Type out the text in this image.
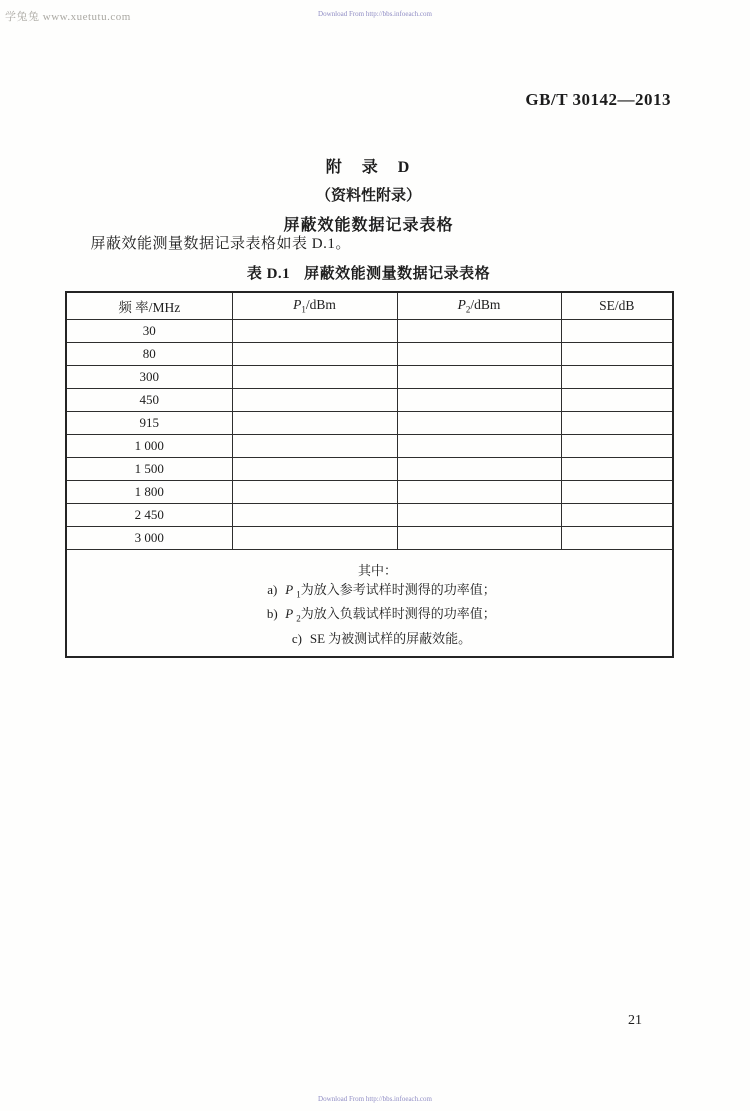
学兔兔 www.xuetutu.com	Download From http://bbs.infoeach.com
GB/T 30142—2013
附　录　D
（资料性附录）
屏蔽效能数据记录表格
屏蔽效能测量数据记录表格如表 D.1。
表 D.1 屏蔽效能测量数据记录表格
频 率/MHz	$P_1$/dBm	$P_2$/dBm	SE/dB
30			
80			
300			
450			
915			
1 000			
1 500			
1 800			
2 450			
3 000			

其中：
a) P $_1$为放入参考试样时测得的功率值；
b) P $_2$为放入负载试样时测得的功率值；
c) SE 为被测试样的屏蔽效能。			
21
Download From http://bbs.infoeach.com
